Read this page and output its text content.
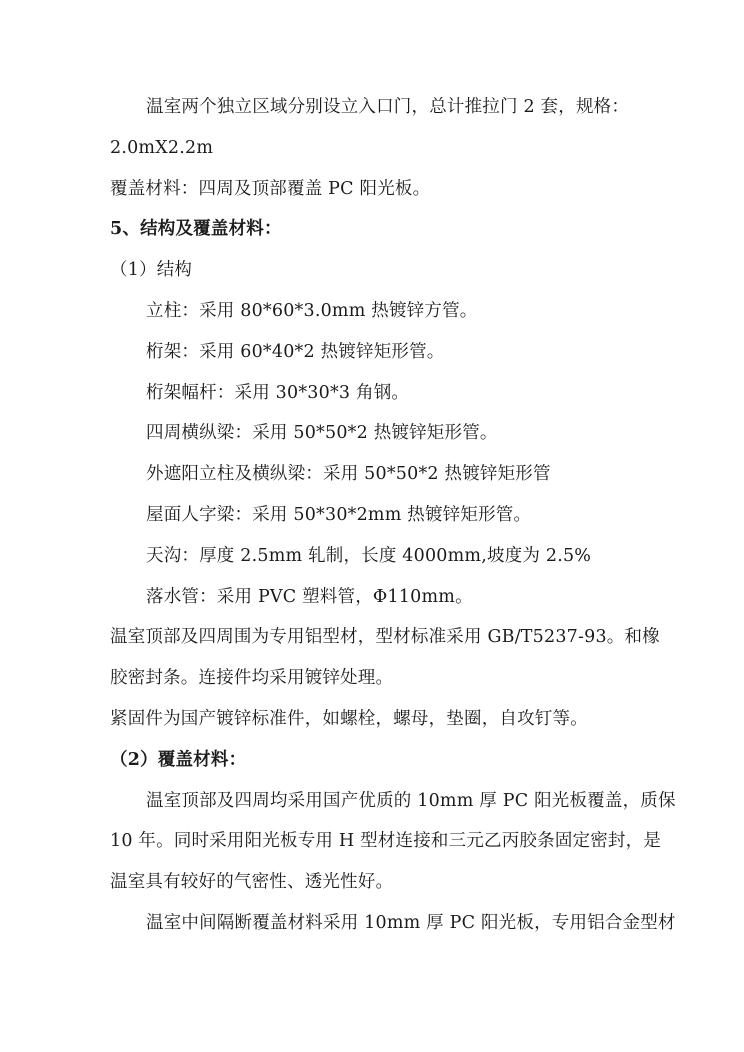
温室两个独立区域分别设立入口门，总计推拉门 2 套，规格：
2.0mX2.2m
覆盖材料：四周及顶部覆盖 PC 阳光板。
5、结构及覆盖材料：
（1）结构
立柱：采用 80*60*3.0mm 热镀锌方管。
桁架：采用 60*40*2 热镀锌矩形管。
桁架幅杆：采用 30*30*3 角钢。
四周横纵梁：采用 50*50*2 热镀锌矩形管。
外遮阳立柱及横纵梁：采用 50*50*2 热镀锌矩形管
屋面人字梁：采用 50*30*2mm 热镀锌矩形管。
天沟：厚度 2.5mm 轧制，长度 4000mm,坡度为 2.5%
落水管：采用 PVC 塑料管，Φ110mm。
温室顶部及四周围为专用铝型材，型材标准采用 GB/T5237-93。和橡
胶密封条。连接件均采用镀锌处理。
紧固件为国产镀锌标准件，如螺栓，螺母，垫圈，自攻钉等。
（2）覆盖材料：
温室顶部及四周均采用国产优质的 10mm 厚 PC 阳光板覆盖，质保
10 年。同时采用阳光板专用 H 型材连接和三元乙丙胶条固定密封，是
温室具有较好的气密性、透光性好。
温室中间隔断覆盖材料采用 10mm 厚 PC 阳光板，专用铝合金型材
